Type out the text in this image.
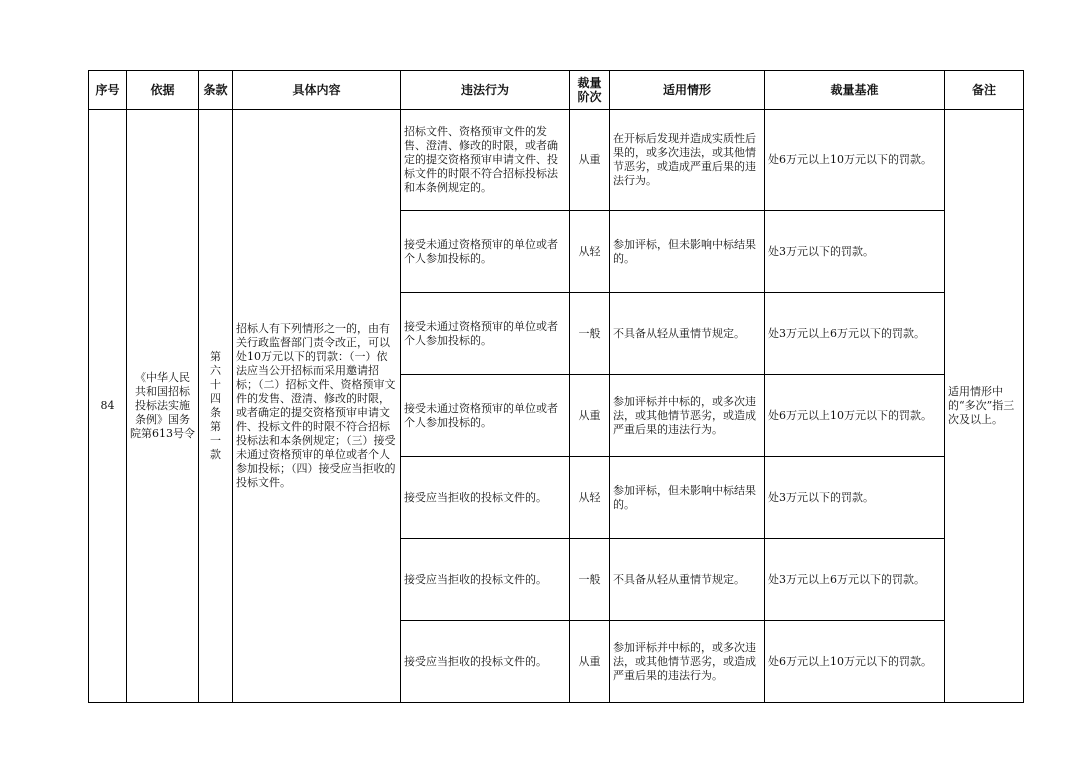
序号	依据	条款	具体内容	违法行为	裁量阶次	适用情形	裁量基准	备注
84	《中华人民共和国招标投标法实施条例》国务院第613号令	第六十四条第一款	招标人有下列情形之一的，由有关行政监督部门责令改正，可以处10万元以下的罚款：（一）依法应当公开招标而采用邀请招标；（二）招标文件、资格预审文件的发售、澄清、修改的时限，或者确定的提交资格预审申请文件、投标文件的时限不符合招标投标法和本条例规定；（三）接受未通过资格预审的单位或者个人参加投标；（四）接受应当拒收的投标文件。	招标文件、资格预审文件的发售、澄清、修改的时限，或者确定的提交资格预审申请文件、投标文件的时限不符合招标投标法和本条例规定的。	从重	在开标后发现并造成实质性后果的，或多次违法，或其他情节恶劣，或造成严重后果的违法行为。	处6万元以上10万元以下的罚款。	适用情形中的“多次”指三次及以上。
				接受未通过资格预审的单位或者个人参加投标的。	从轻	参加评标，但未影响中标结果的。	处3万元以下的罚款。	
				接受未通过资格预审的单位或者个人参加投标的。	一般	不具备从轻从重情节规定。	处3万元以上6万元以下的罚款。	
				接受未通过资格预审的单位或者个人参加投标的。	从重	参加评标并中标的，或多次违法，或其他情节恶劣，或造成严重后果的违法行为。	处6万元以上10万元以下的罚款。	
				接受应当拒收的投标文件的。	从轻	参加评标，但未影响中标结果的。	处3万元以下的罚款。	
				接受应当拒收的投标文件的。	一般	不具备从轻从重情节规定。	处3万元以上6万元以下的罚款。	
				接受应当拒收的投标文件的。	从重	参加评标并中标的，或多次违法，或其他情节恶劣，或造成严重后果的违法行为。	处6万元以上10万元以下的罚款。	
